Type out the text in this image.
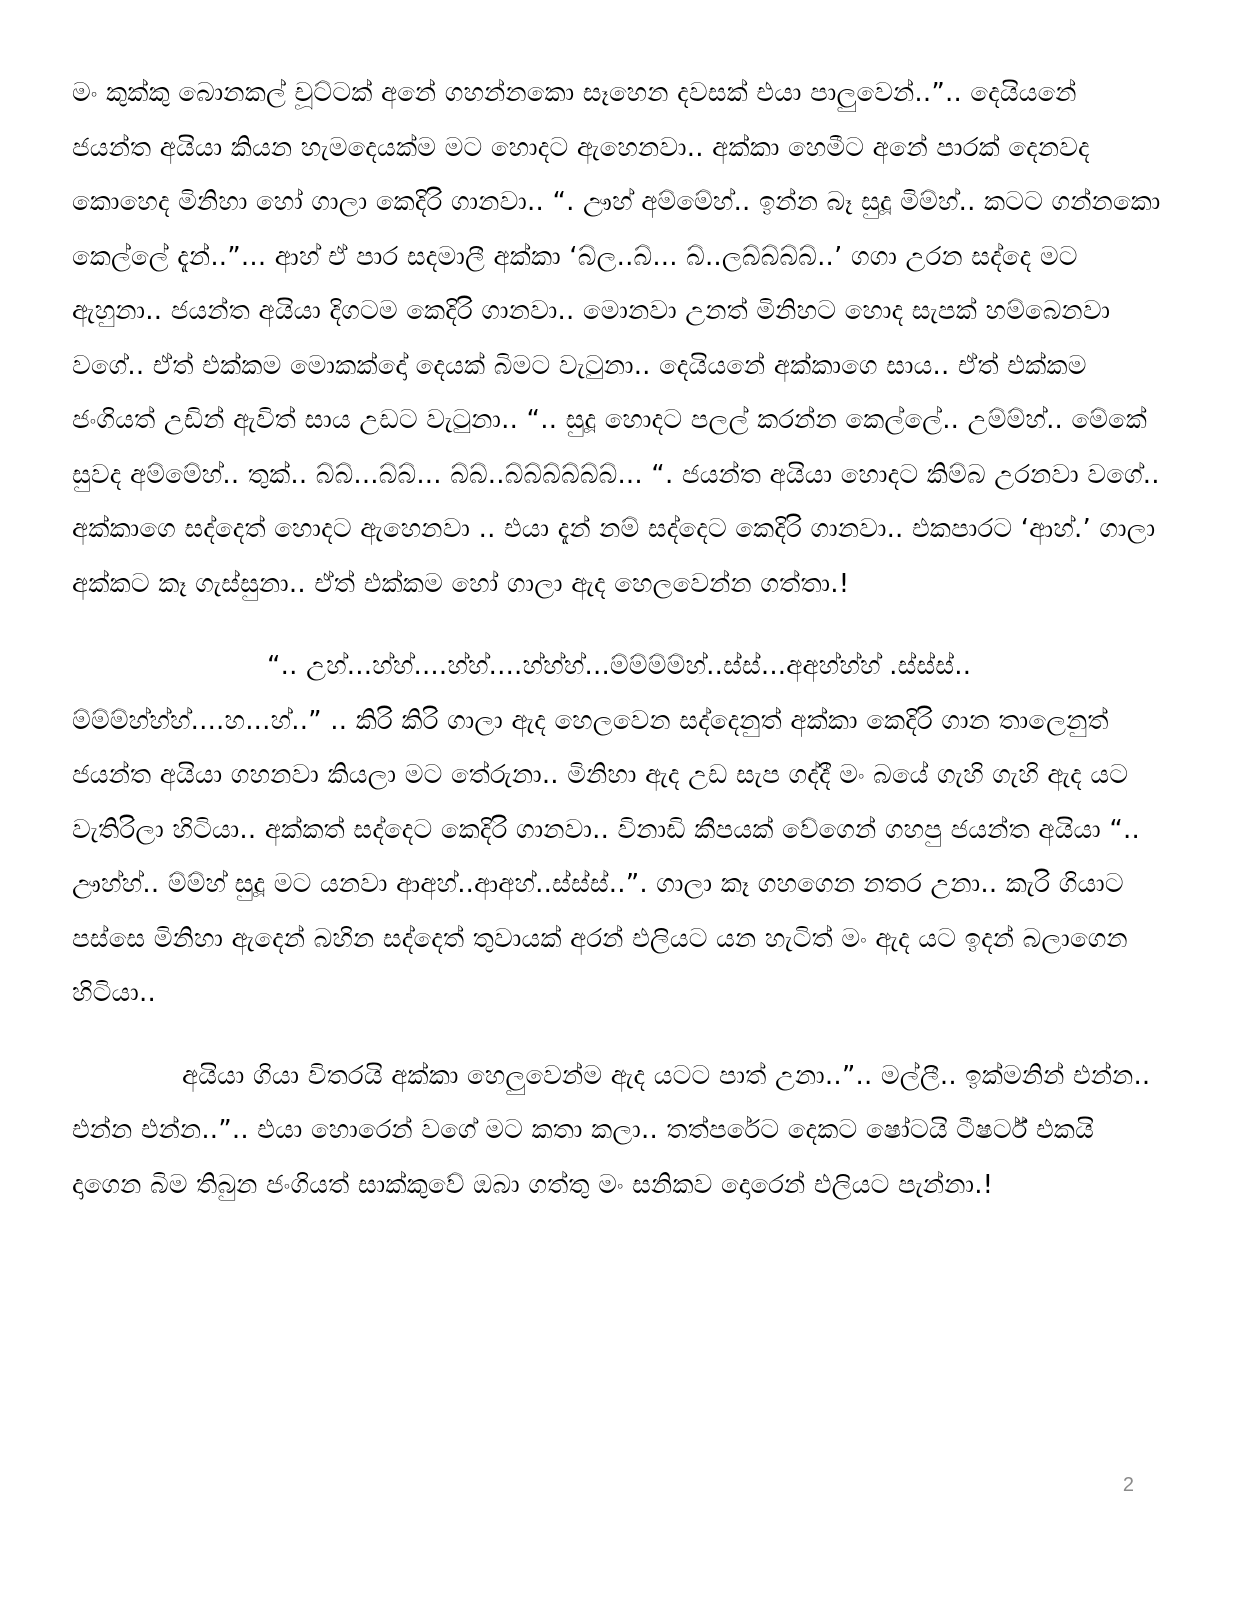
මං කුක්කු බොනකල් චූට්ටක් අනේ ගහන්නකො සෑහෙන දවසක් එයා පාලුවෙන්..”.. දෙයියනේ ජයන්ත අයියා කියන හැමදෙයක්ම මට හොදට ඇහෙනවා.. අක්කා හෙමීට අනේ පාරක් දෙනවද කොහෙද මිනිහා හෝ ගාලා කෙදිරි ගානවා.. “. ඌහ් අම්මේහ්.. ඉන්න බෑ සුදූ මිම්හ්.. කටට ගන්නකො කෙල්ලේ දැන්..”... ආහ් ඒ පාර සදමාලී අක්කා ‘බ්ල..බ්... බ්..ලබ්බ්බ්බ්..’ ගගා උරන සද්දෙ මට ඇහුනා.. ජයන්ත අයියා දිගටම කෙදිරි ගානවා.. මොනවා උනත් මිනිහට හොද සැපක් හම්බෙනවා වගේ.. ඒත් එක්කම මොකක්දෝ දෙයක් බිමට වැටුනා.. දෙයියනේ අක්කාගෙ සාය.. ඒත් එක්කම ජංගියත් උඩින් ඇවිත් සාය උඩට වැටුනා.. “.. සුදූ හොදට පලල් කරන්න කෙල්ලේ.. උම්ම්හ්.. මේකේ සුවද අම්මේහ්.. තුක්.. බ්බ්...බ්බ්... බ්බ්..බ්බ්බ්බ්බ්බ්... “. ජයන්ත අයියා හොදට කිම්බ උරනවා වගේ.. අක්කාගෙ සද්දෙත් හොදට ඇහෙනවා .. එයා දැන් නම් සද්දෙට කෙදිරි ගානවා.. එකපාරට ‘ආහ්.’ ගාලා අක්කට කෑ ගැස්සුනා.. ඒත් එක්කම හෝ ගාලා ඇද හෙලවෙන්න ගත්තා.!

“.. උහ්...හ්හ්....හ්හ්....හ්හ්හ්...ම්ම්ම්ම්හ්..ස්ස්...අඅහ්හ්හ් .ස්ස්ස්.. ම්ම්ම්හ්හ්හ්....හ...හ්..” .. කිරි කිරි ගාලා ඇද හෙලවෙන සද්දෙනුත් අක්කා කෙදිරි ගාන තාලෙනුත් ජයන්ත අයියා ගහනවා කියලා මට තේරුනා.. මිනිහා ඇද උඩ සැප ගද්දී මං බයේ ගැහි ගැහි ඇද යට වැතිරිලා හිටියා.. අක්කත් සද්දෙට කෙදිරි ගානවා.. විනාඩි කීපයක් වේගෙන් ගහපු ජයන්ත අයියා “.. ඌහ්හ්.. ම්ම්හ් සුදූ මට යනවා ආඅහ්..ආඅහ්..ස්ස්ස්..”. ගාලා කෑ ගහගෙන නතර උනා.. කැරි ගියාට පස්සෙ මිනිහා ඇදෙන් බහින සද්දෙත් තුවායක් අරන් එලියට යන හැටිත් මං ඇද යට ඉදන් බලාගෙන හිටියා..

අයියා ගියා විතරයි අක්කා හෙලුවෙන්ම ඇද යටට පාත් උනා..”.. මල්ලී.. ඉක්මනින් එන්න.. එන්න එන්න..”.. එයා හොරෙන් වගේ මට කතා කලා.. තත්පරේට දෙකට ෂෝටයි ටීෂර්ට් එකයි දාගෙන බිම තිබුන ජංගියත් සාක්කුවේ ඔබා ගත්තු මං සනිකව දොරෙන් එලියට පැන්නා.!

2
